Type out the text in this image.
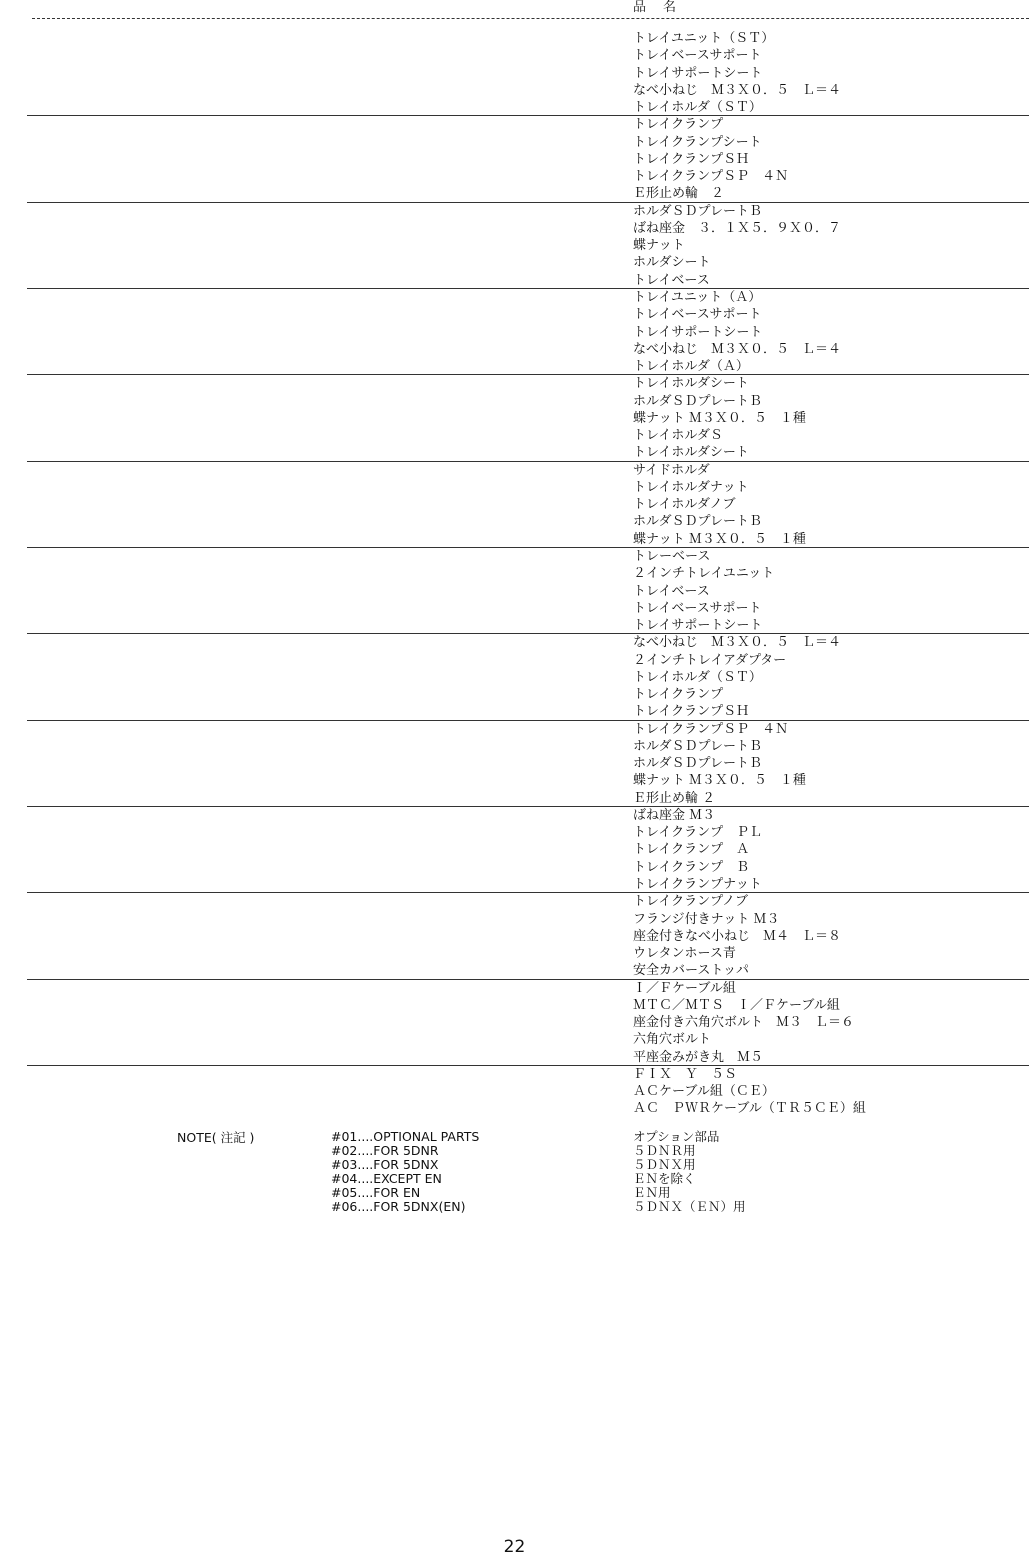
品　名
トレイユニット（ＳＴ）
トレイベースサポート
トレイサポートシート
なべ小ねじ　Ｍ３Ｘ０．５　Ｌ＝４
トレイホルダ（ＳＴ）
トレイクランプ
トレイクランプシート
トレイクランプＳＨ
トレイクランプＳＰ　４Ｎ
Ｅ形止め輪　２
ホルダＳＤプレートＢ
ばね座金　３．１Ｘ５．９Ｘ０．７
蝶ナット
ホルダシート
トレイベース
トレイユニット（Ａ）
トレイベースサポート
トレイサポートシート
なべ小ねじ　Ｍ３Ｘ０．５　Ｌ＝４
トレイホルダ（Ａ）
トレイホルダシート
ホルダＳＤプレートＢ
蝶ナット Ｍ３Ｘ０．５　１種
トレイホルダＳ
トレイホルダシート
サイドホルダ
トレイホルダナット
トレイホルダノブ
ホルダＳＤプレートＢ
蝶ナット Ｍ３Ｘ０．５　１種
トレーベース
２インチトレイユニット
トレイベース
トレイベースサポート
トレイサポートシート
なべ小ねじ　Ｍ３Ｘ０．５　Ｌ＝４
２インチトレイアダプター
トレイホルダ（ＳＴ）
トレイクランプ
トレイクランプＳＨ
トレイクランプＳＰ　４Ｎ
ホルダＳＤプレートＢ
ホルダＳＤプレートＢ
蝶ナット Ｍ３Ｘ０．５　１種
Ｅ形止め輪 ２
ばね座金 Ｍ３
トレイクランプ　ＰＬ
トレイクランプ　Ａ
トレイクランプ　Ｂ
トレイクランプナット
トレイクランプノブ
フランジ付きナット Ｍ３
座金付きなべ小ねじ　Ｍ４　Ｌ＝８
ウレタンホース青
安全カバーストッパ
Ｉ／Ｆケーブル組
ＭＴＣ／ＭＴＳ　Ｉ／Ｆケーブル組
座金付き六角穴ボルト　Ｍ３　Ｌ＝６
六角穴ボルト
平座金みがき丸　Ｍ５
ＦＩＸ　Ｙ　５Ｓ
ＡＣケーブル組（ＣＥ）
ＡＣ　ＰＷＲケーブル（ＴＲ５ＣＥ）組
NOTE( 注記 )	#01....OPTIONAL PARTS
#02....FOR 5DNR
#03....FOR 5DNX
#04....EXCEPT EN
#05....FOR EN
#06....FOR 5DNX(EN)
オプション部品
５ＤＮＲ用
５ＤＮＸ用
ＥＮを除く
ＥＮ用
５ＤＮＸ（ＥＮ）用
22
